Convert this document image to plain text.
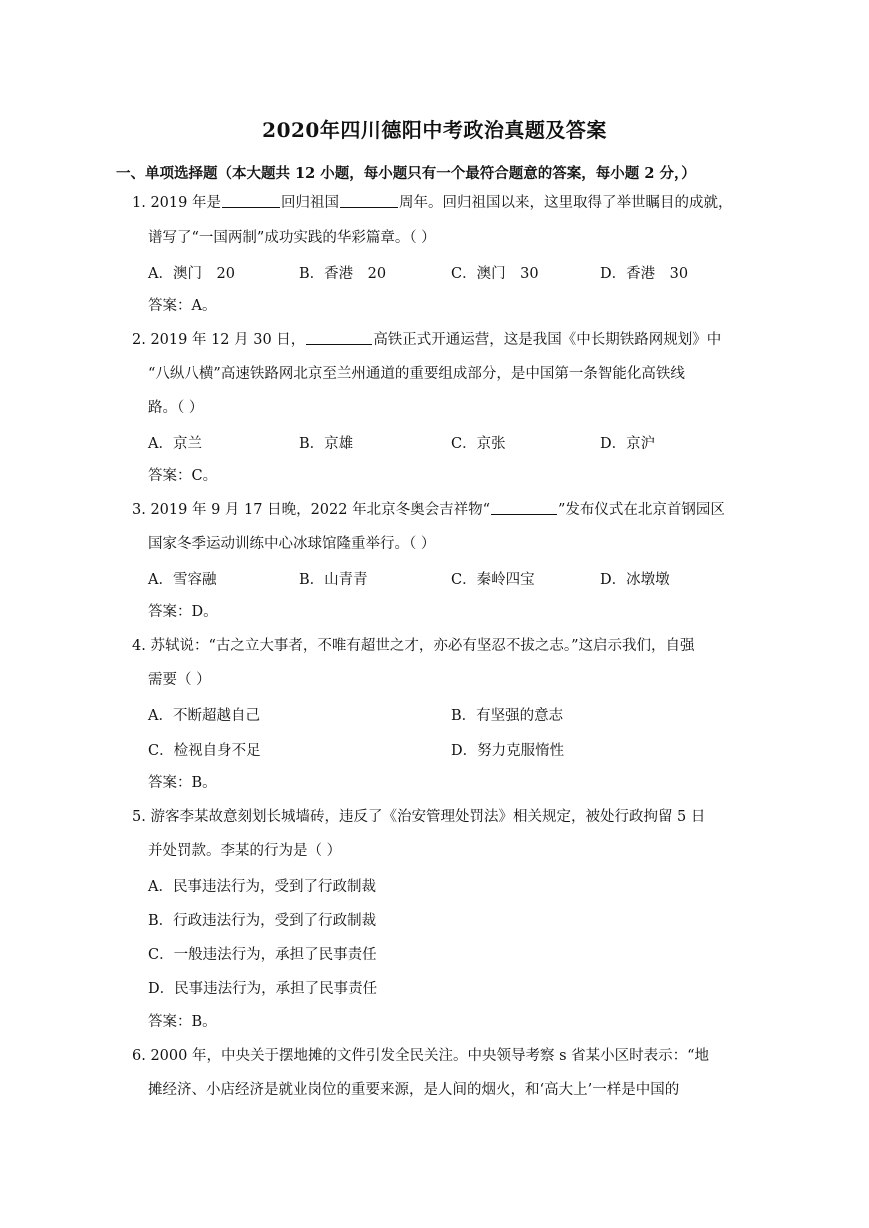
2020年四川德阳中考政治真题及答案
一、单项选择题（本大题共 12 小题，每小题只有一个最符合题意的答案，每小题 2 分，）
1. 2019 年是	回归祖国	周年。回归祖国以来，这里取得了举世瞩目的成就，
谱写了“一国两制”成功实践的华彩篇章。（ ）
A．澳门　20	B．香港　20	C．澳门　30	D．香港　30
答案：A。
2. 2019 年 12 月 30 日，	高铁正式开通运营，这是我国《中长期铁路网规划》中
“八纵八横”高速铁路网北京至兰州通道的重要组成部分，是中国第一条智能化高铁线
路。（ ）
A．京兰	B．京雄	C．京张	D．京沪
答案：C。
3. 2019 年 9 月 17 日晚，2022 年北京冬奥会吉祥物“	”发布仪式在北京首钢园区
国家冬季运动训练中心冰球馆隆重举行。（ ）
A．雪容融	B．山青青	C．秦岭四宝	D．冰墩墩
答案：D。
4. 苏轼说：“古之立大事者，不唯有超世之才，亦必有坚忍不拔之志。”这启示我们，自强
需要（ ）
A．不断超越自己	B．有坚强的意志
C．检视自身不足	D．努力克服惰性
答案：B。
5. 游客李某故意刻划长城墙砖，违反了《治安管理处罚法》相关规定，被处行政拘留 5 日
并处罚款。李某的行为是（ ）
A．民事违法行为，受到了行政制裁
B．行政违法行为，受到了行政制裁
C．一般违法行为，承担了民事责任
D．民事违法行为，承担了民事责任
答案：B。
6. 2000 年，中央关于摆地摊的文件引发全民关注。中央领导考察 s 省某小区时表示：“地
摊经济、小店经济是就业岗位的重要来源，是人间的烟火，和‘高大上’一样是中国的
